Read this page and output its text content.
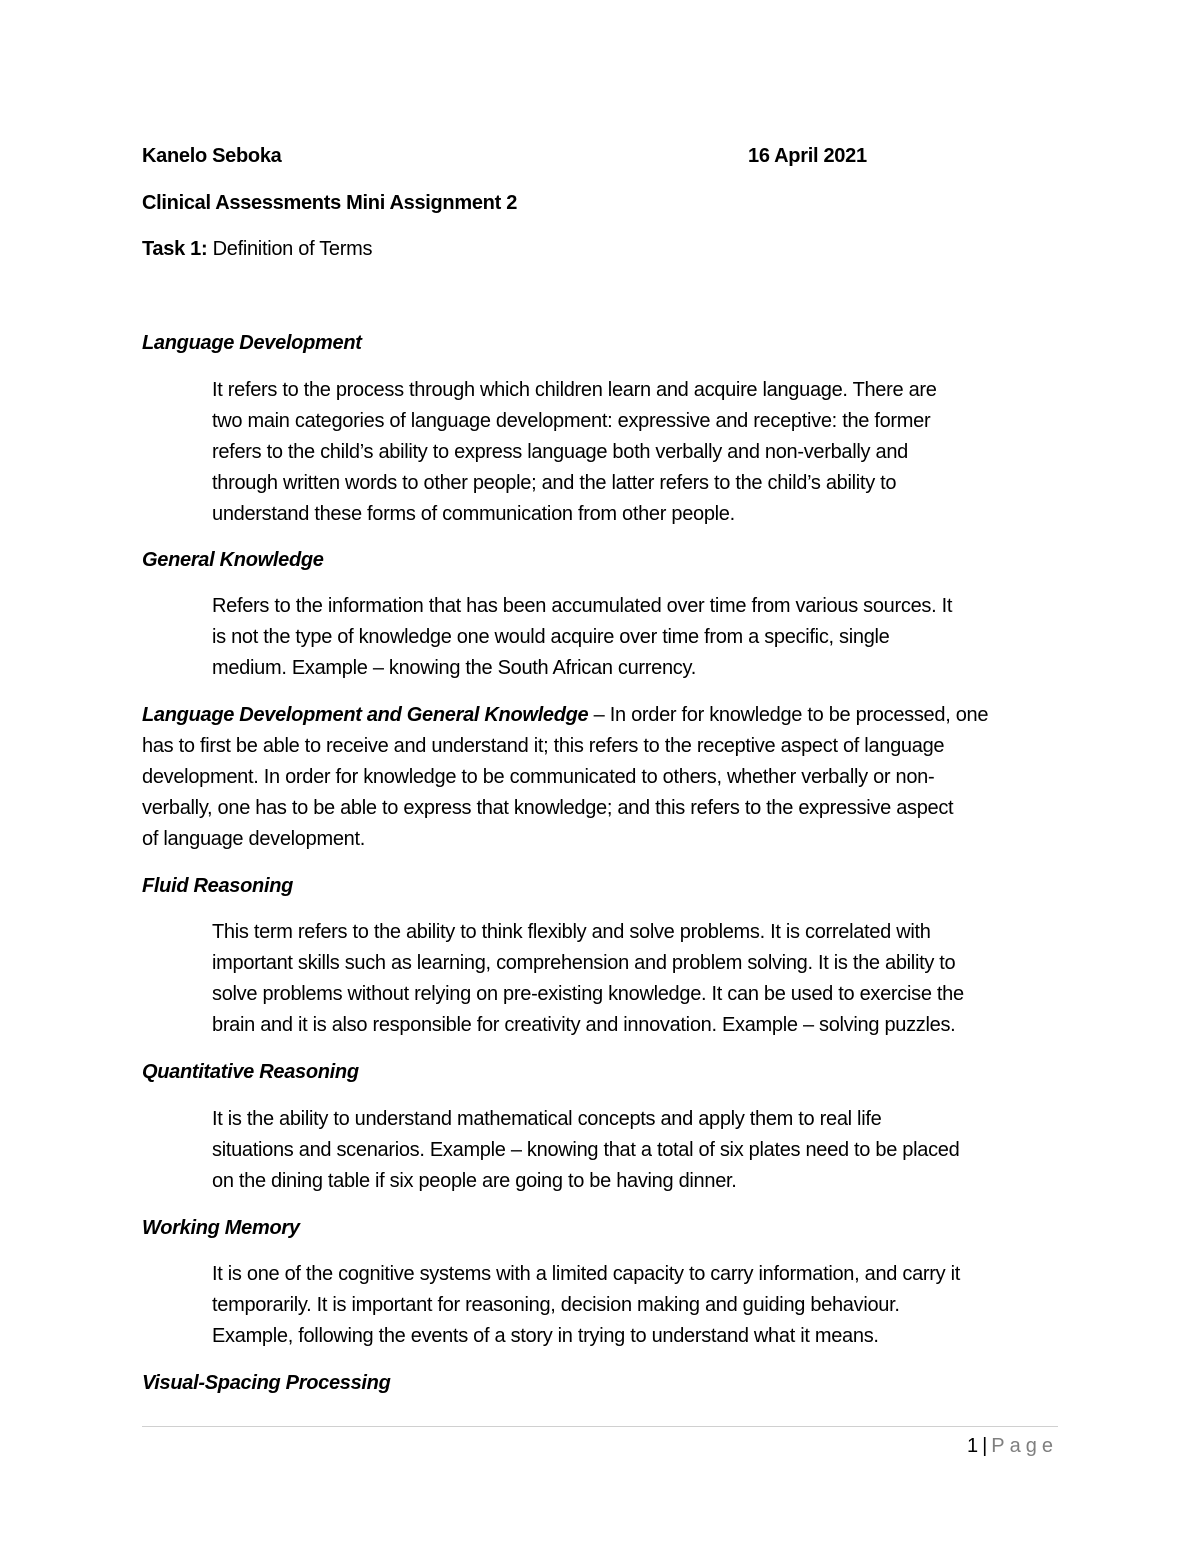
Kanelo Seboka	16 April 2021
Clinical Assessments Mini Assignment 2
Task 1: Definition of Terms
Language Development
It refers to the process through which children learn and acquire language. There are
two main categories of language development: expressive and receptive: the former
refers to the child’s ability to express language both verbally and non-verbally and
through written words to other people; and the latter refers to the child’s ability to
understand these forms of communication from other people.
General Knowledge
Refers to the information that has been accumulated over time from various sources. It
is not the type of knowledge one would acquire over time from a specific, single
medium. Example – knowing the South African currency.
Language Development and General Knowledge – In order for knowledge to be processed, one
has to first be able to receive and understand it; this refers to the receptive aspect of language
development. In order for knowledge to be communicated to others, whether verbally or non-
verbally, one has to be able to express that knowledge; and this refers to the expressive aspect
of language development.
Fluid Reasoning
This term refers to the ability to think flexibly and solve problems. It is correlated with
important skills such as learning, comprehension and problem solving. It is the ability to
solve problems without relying on pre-existing knowledge. It can be used to exercise the
brain and it is also responsible for creativity and innovation. Example – solving puzzles.
Quantitative Reasoning
It is the ability to understand mathematical concepts and apply them to real life
situations and scenarios. Example – knowing that a total of six plates need to be placed
on the dining table if six people are going to be having dinner.
Working Memory
It is one of the cognitive systems with a limited capacity to carry information, and carry it
temporarily. It is important for reasoning, decision making and guiding behaviour.
Example, following the events of a story in trying to understand what it means.
Visual-Spacing Processing
1 | Page
